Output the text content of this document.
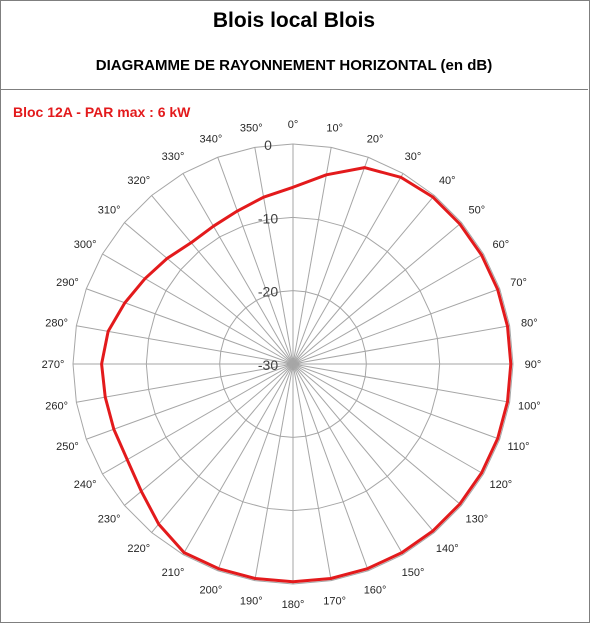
Blois local Blois
DIAGRAMME DE RAYONNEMENT HORIZONTAL (en dB)
Bloc 12A - PAR max : 6 kW
0°	10°
20°
30°
40°
50°
60°
70°
80°
90°
100°
110°
120°
130°
140°
150°
160°
170°
180°
190°
200°
210°
220°
230°
240°
250°
260°
270°
280°
290°
300°
310°
320°
330°
340°
350°
0
-10
-20
-30
